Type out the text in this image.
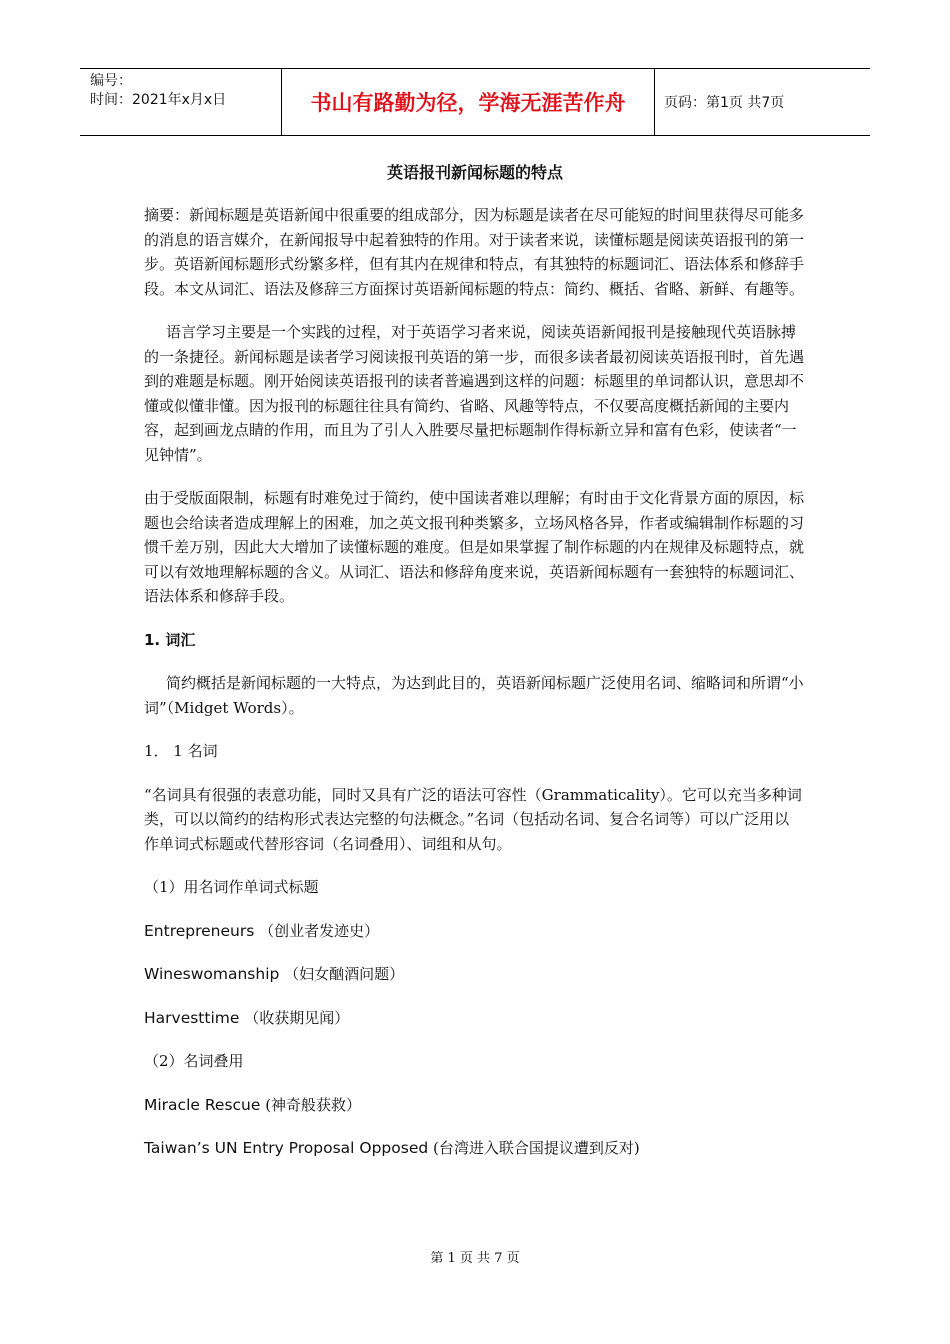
编号：
时间：2021年x月x日	书山有路勤为径，学海无涯苦作舟	页码：第1页 共7页
英语报刊新闻标题的特点

摘要：新闻标题是英语新闻中很重要的组成部分，因为标题是读者在尽可能短的时间里获得尽可能多的消息的语言媒介，在新闻报导中起着独特的作用。对于读者来说，读懂标题是阅读英语报刊的第一步。英语新闻标题形式纷繁多样，但有其内在规律和特点，有其独特的标题词汇、语法体系和修辞手段。本文从词汇、语法及修辞三方面探讨英语新闻标题的特点：简约、概括、省略、新鲜、有趣等。

语言学习主要是一个实践的过程，对于英语学习者来说，阅读英语新闻报刊是接触现代英语脉搏的一条捷径。新闻标题是读者学习阅读报刊英语的第一步，而很多读者最初阅读英语报刊时，首先遇到的难题是标题。刚开始阅读英语报刊的读者普遍遇到这样的问题：标题里的单词都认识，意思却不懂或似懂非懂。因为报刊的标题往往具有简约、省略、风趣等特点，不仅要高度概括新闻的主要内容，起到画龙点睛的作用，而且为了引人入胜要尽量把标题制作得标新立异和富有色彩，使读者“一见钟情”。

由于受版面限制，标题有时难免过于简约，使中国读者难以理解；有时由于文化背景方面的原因，标题也会给读者造成理解上的困难，加之英文报刊种类繁多，立场风格各异，作者或编辑制作标题的习惯千差万别，因此大大增加了读懂标题的难度。但是如果掌握了制作标题的内在规律及标题特点，就可以有效地理解标题的含义。从词汇、语法和修辞角度来说，英语新闻标题有一套独特的标题词汇、语法体系和修辞手段。

1. 词汇

简约概括是新闻标题的一大特点，为达到此目的，英语新闻标题广泛使用名词、缩略词和所谓“小词”（Midget Words）。

1． 1 名词

“名词具有很强的表意功能，同时又具有广泛的语法可容性（Grammaticality）。它可以充当多种词类，可以以简约的结构形式表达完整的句法概念。”名词（包括动名词、复合名词等）可以广泛用以作单词式标题或代替形容词（名词叠用）、词组和从句。

（1）用名词作单词式标题

Entrepreneurs （创业者发迹史）

Wineswomanship （妇女酗酒问题）

Harvesttime （收获期见闻）

（2）名词叠用

Miracle Rescue (神奇般获救）

Taiwan’s UN Entry Proposal Opposed (台湾进入联合国提议遭到反对)

第 1 页 共 7 页
